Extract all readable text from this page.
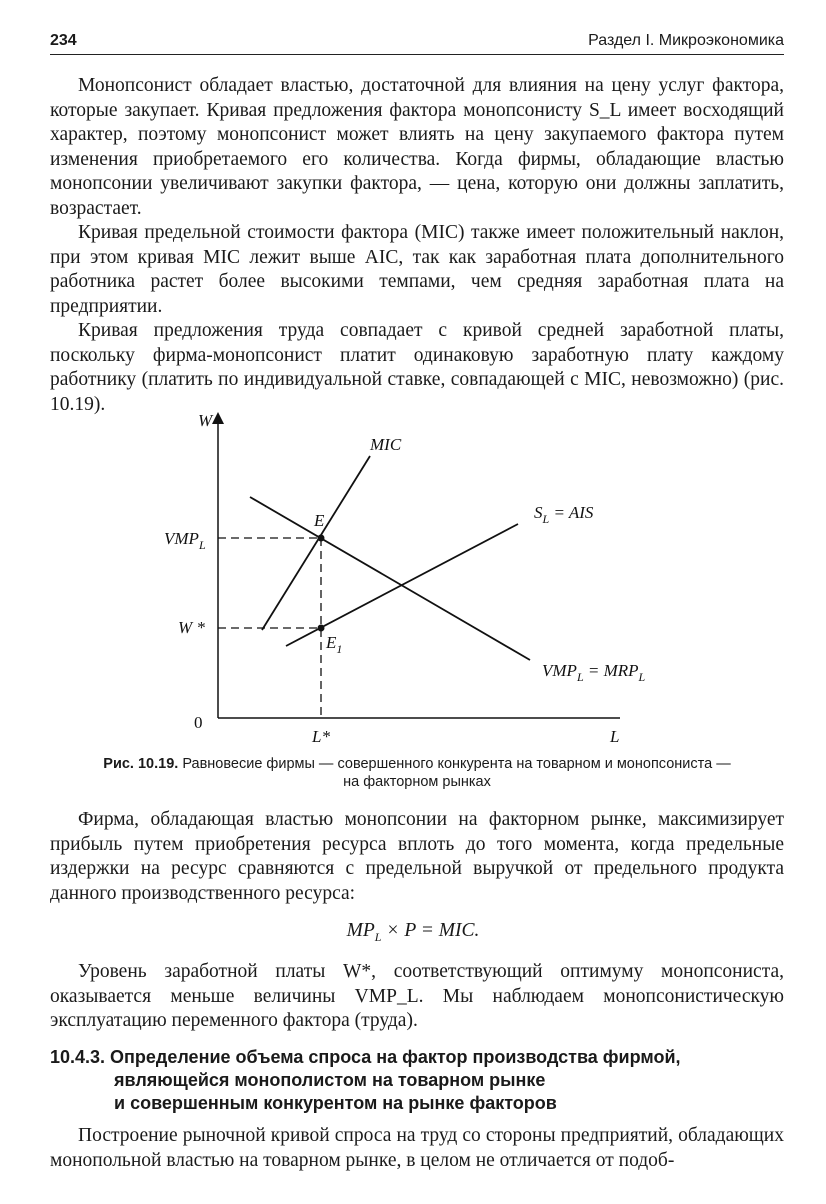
234	Раздел I. Микроэкономика

Монопсонист обладает властью, достаточной для влияния на цену услуг факторa, которые закупает. Кривая предложения фактора монопсонисту S_L имеет восходящий характер, поэтому монопсонист может влиять на цену закупаемого фактора путем изменения приобретаемого его количества. Когда фирмы, обладающие властью монопсонии увеличивают закупки фактора, — цена, которую они должны заплатить, возрастает.

Кривая предельной стоимости фактора (MIC) также имеет положительный наклон, при этом кривая MIC лежит выше AIC, так как заработная плата дополнительного работника растет более высокими темпами, чем средняя заработная плата на предприятии.

Кривая предложения труда совпадает с кривой средней заработной платы, поскольку фирма-монопсонист платит одинаковую заработную плату каждому работнику (платить по индивидуальной ставке, совпадающей с MIC, невозможно) (рис. 10.19).

W
L
0
MIC
$S_L$ = AIS
$VMP_L = MRP_L$
E
$E_1$
$VMP_L$
W *
L*
Рис. 10.19. Равновесие фирмы — совершенного конкурента на товарном и монопсониста —
на факторном рынках

Фирма, обладающая властью монопсонии на факторном рынке, максимизирует прибыль путем приобретения ресурса вплоть до того момента, когда предельные издержки на ресурс сравняются с предельной выручкой от предельного продукта данного производственного ресурса:

$MP_L \times P$ = MIC.

Уровень заработной платы W*, соответствующий оптимуму монопсониста, оказывается меньше величины VMP_L. Мы наблюдаем монопсонистическую эксплуатацию переменного фактора (труда).

10.4.3. Определение объема спроса на фактор производства фирмой,
являющейся монополистом на товарном рынке
и совершенным конкурентом на рынке факторов

Построение рыночной кривой спроса на труд со стороны предприятий, обладающих монопольной властью на товарном рынке, в целом не отличается от подоб-
